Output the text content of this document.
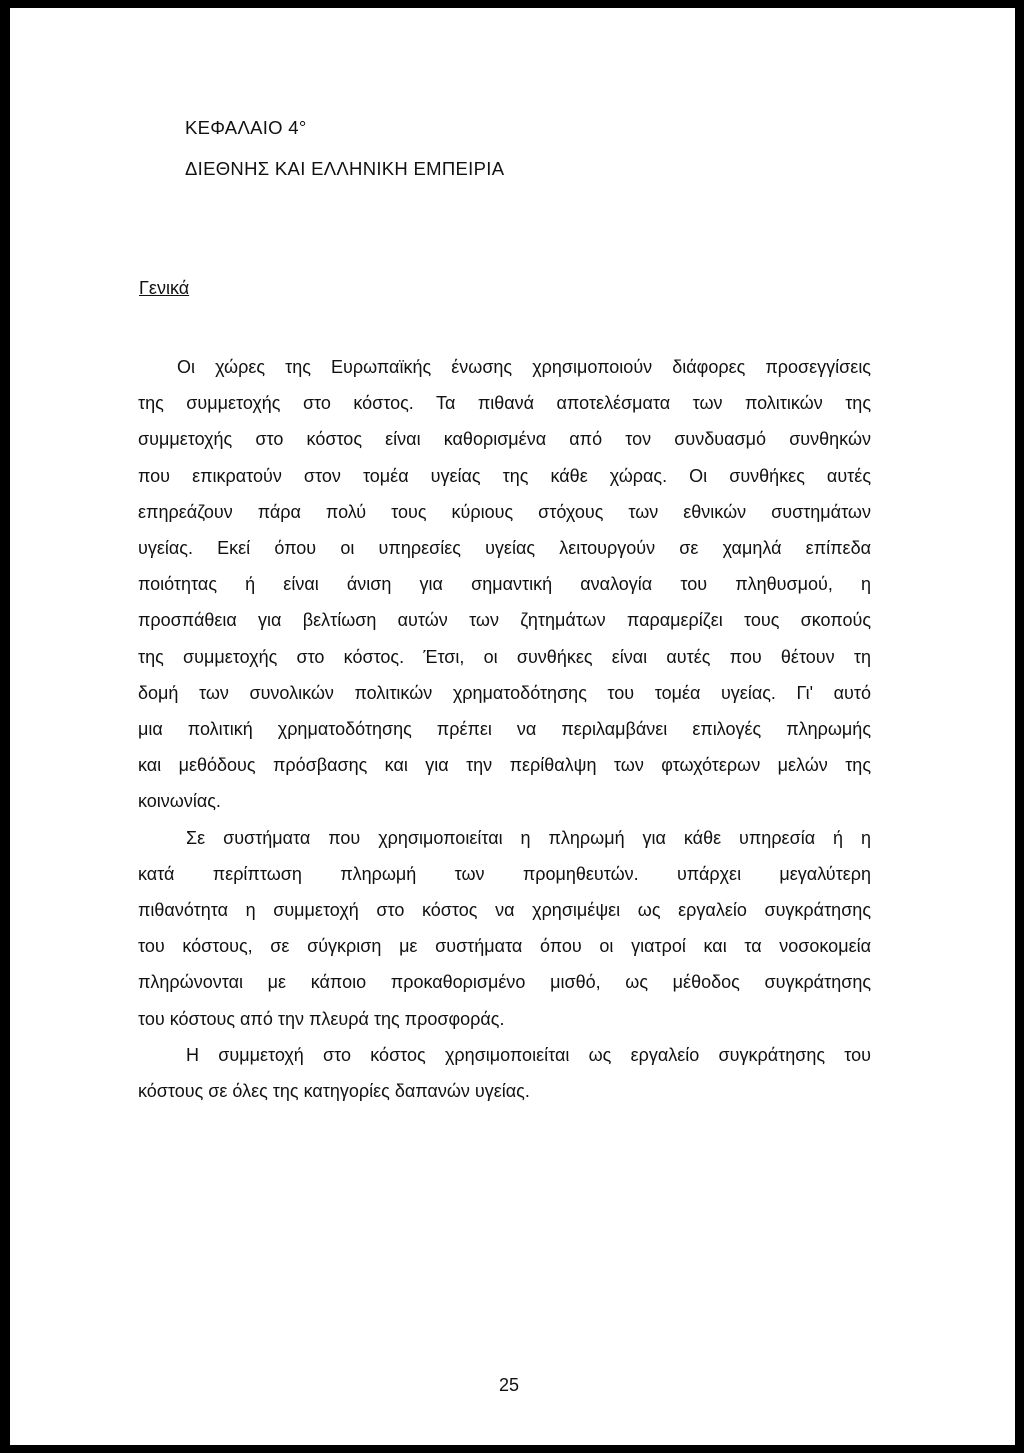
ΚΕΦΑΛΑΙΟ 4°
ΔΙΕΘΝΗΣ ΚΑΙ ΕΛΛΗΝΙΚΗ ΕΜΠΕΙΡΙΑ
Γενικά
Οι χώρες της Ευρωπαϊκής ένωσης χρησιμοποιούν διάφορες προσεγγίσεις
της συμμετοχής στο κόστος. Τα πιθανά αποτελέσματα των πολιτικών της
συμμετοχής στο κόστος είναι καθορισμένα από τον συνδυασμό συνθηκών
που επικρατούν στον τομέα υγείας της κάθε χώρας. Οι συνθήκες αυτές
επηρεάζουν πάρα πολύ τους κύριους στόχους των εθνικών συστημάτων
υγείας. Εκεί όπου οι υπηρεσίες υγείας λειτουργούν σε χαμηλά επίπεδα
ποιότητας ή είναι άνιση για σημαντική αναλογία του πληθυσμού, η
προσπάθεια για βελτίωση αυτών των ζητημάτων παραμερίζει τους σκοπούς
της συμμετοχής στο κόστος. Έτσι, οι συνθήκες είναι αυτές που θέτουν τη
δομή των συνολικών πολιτικών χρηματοδότησης του τομέα υγείας. Γι' αυτό
μια πολιτική χρηματοδότησης πρέπει να περιλαμβάνει επιλογές πληρωμής
και μεθόδους πρόσβασης και για την περίθαλψη των φτωχότερων μελών της
κοινωνίας.
Σε συστήματα που χρησιμοποιείται η πληρωμή για κάθε υπηρεσία ή η
κατά περίπτωση πληρωμή των προμηθευτών. υπάρχει μεγαλύτερη
πιθανότητα η συμμετοχή στο κόστος να χρησιμέψει ως εργαλείο συγκράτησης
του κόστους, σε σύγκριση με συστήματα όπου οι γιατροί και τα νοσοκομεία
πληρώνονται με κάποιο προκαθορισμένο μισθό, ως μέθοδος συγκράτησης
του κόστους από την πλευρά της προσφοράς.
Η συμμετοχή στο κόστος χρησιμοποιείται ως εργαλείο συγκράτησης του
κόστους σε όλες της κατηγορίες δαπανών υγείας.
25
